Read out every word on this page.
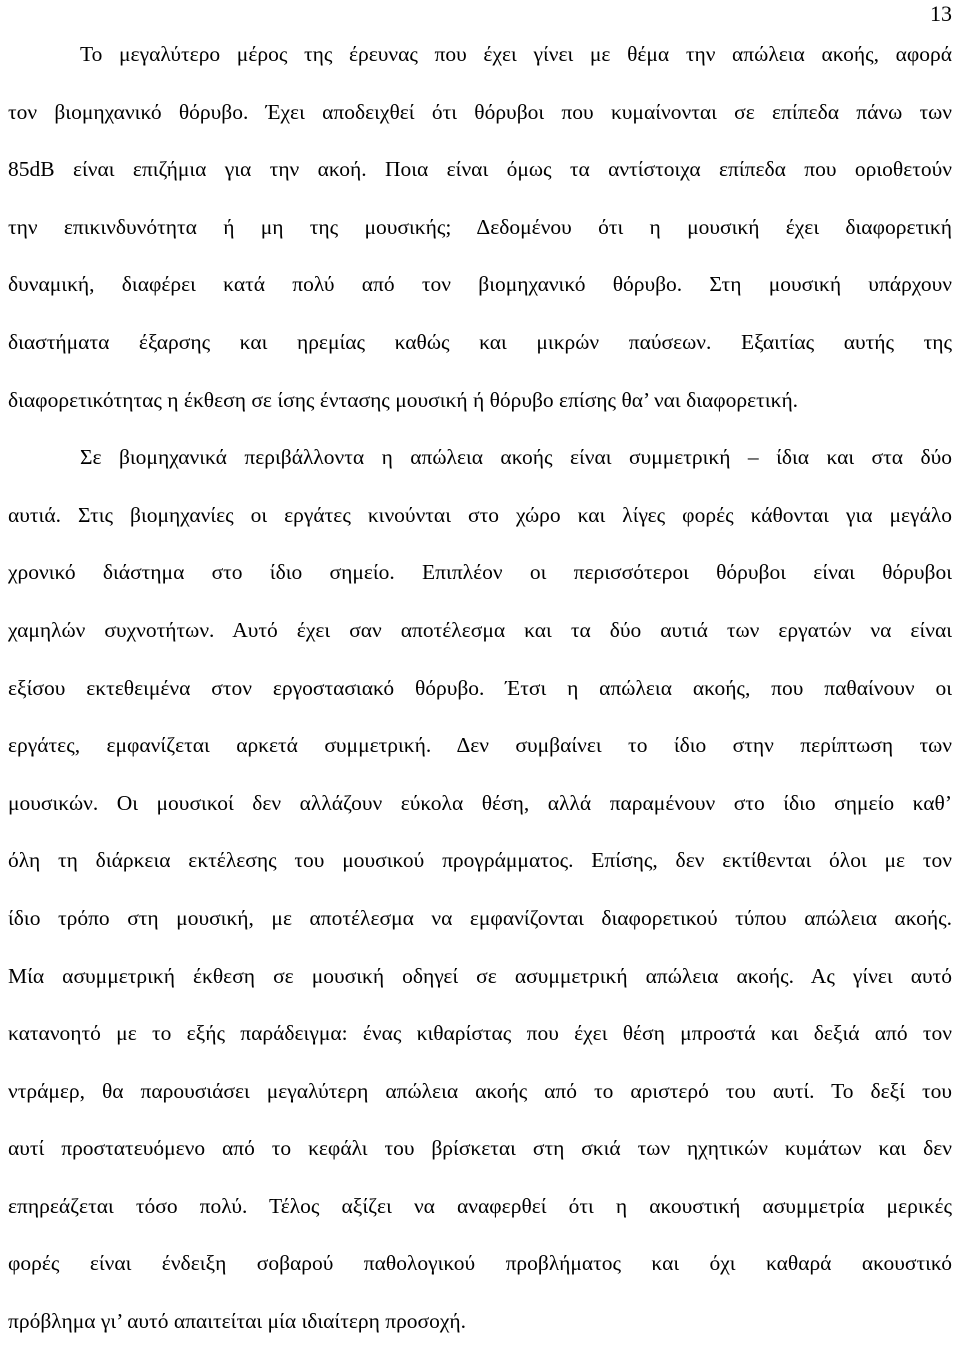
13
Το μεγαλύτερο μέρος της έρευνας που έχει γίνει με θέμα την απώλεια ακοής, αφορά
τον βιομηχανικό θόρυβο. Έχει αποδειχθεί ότι θόρυβοι που κυμαίνονται σε επίπεδα πάνω των
85dB είναι επιζήμια για την ακοή. Ποια είναι όμως τα αντίστοιχα επίπεδα που οριοθετούν
την επικινδυνότητα ή μη της μουσικής; Δεδομένου ότι η μουσική έχει διαφορετική
δυναμική, διαφέρει κατά πολύ από τον βιομηχανικό θόρυβο. Στη μουσική υπάρχουν
διαστήματα έξαρσης και ηρεμίας καθώς και μικρών παύσεων. Εξαιτίας αυτής της
διαφορετικότητας η έκθεση σε ίσης έντασης μουσική ή θόρυβο επίσης θα’ ναι διαφορετική.
Σε βιομηχανικά περιβάλλοντα η απώλεια ακοής είναι συμμετρική – ίδια και στα δύο
αυτιά. Στις βιομηχανίες οι εργάτες κινούνται στο χώρο και λίγες φορές κάθονται για μεγάλο
χρονικό διάστημα στο ίδιο σημείο. Επιπλέον οι περισσότεροι θόρυβοι είναι θόρυβοι
χαμηλών συχνοτήτων. Αυτό έχει σαν αποτέλεσμα και τα δύο αυτιά των εργατών να είναι
εξίσου εκτεθειμένα στον εργοστασιακό θόρυβο. Έτσι η απώλεια ακοής, που παθαίνουν οι
εργάτες, εμφανίζεται αρκετά συμμετρική. Δεν συμβαίνει το ίδιο στην περίπτωση των
μουσικών. Οι μουσικοί δεν αλλάζουν εύκολα θέση, αλλά παραμένουν στο ίδιο σημείο καθ’
όλη τη διάρκεια εκτέλεσης του μουσικού προγράμματος. Επίσης, δεν εκτίθενται όλοι με τον
ίδιο τρόπο στη μουσική, με αποτέλεσμα να εμφανίζονται διαφορετικού τύπου απώλεια ακοής.
Μία ασυμμετρική έκθεση σε μουσική οδηγεί σε ασυμμετρική απώλεια ακοής. Ας γίνει αυτό
κατανοητό με το εξής παράδειγμα: ένας κιθαρίστας που έχει θέση μπροστά και δεξιά από τον
ντράμερ, θα παρουσιάσει μεγαλύτερη απώλεια ακοής από το αριστερό του αυτί. Το δεξί του
αυτί προστατευόμενο από το κεφάλι του βρίσκεται στη σκιά των ηχητικών κυμάτων και δεν
επηρεάζεται τόσο πολύ. Τέλος αξίζει να αναφερθεί ότι η ακουστική ασυμμετρία μερικές
φορές είναι ένδειξη σοβαρού παθολογικού προβλήματος και όχι καθαρά ακουστικό
πρόβλημα γι’ αυτό απαιτείται μία ιδιαίτερη προσοχή.
